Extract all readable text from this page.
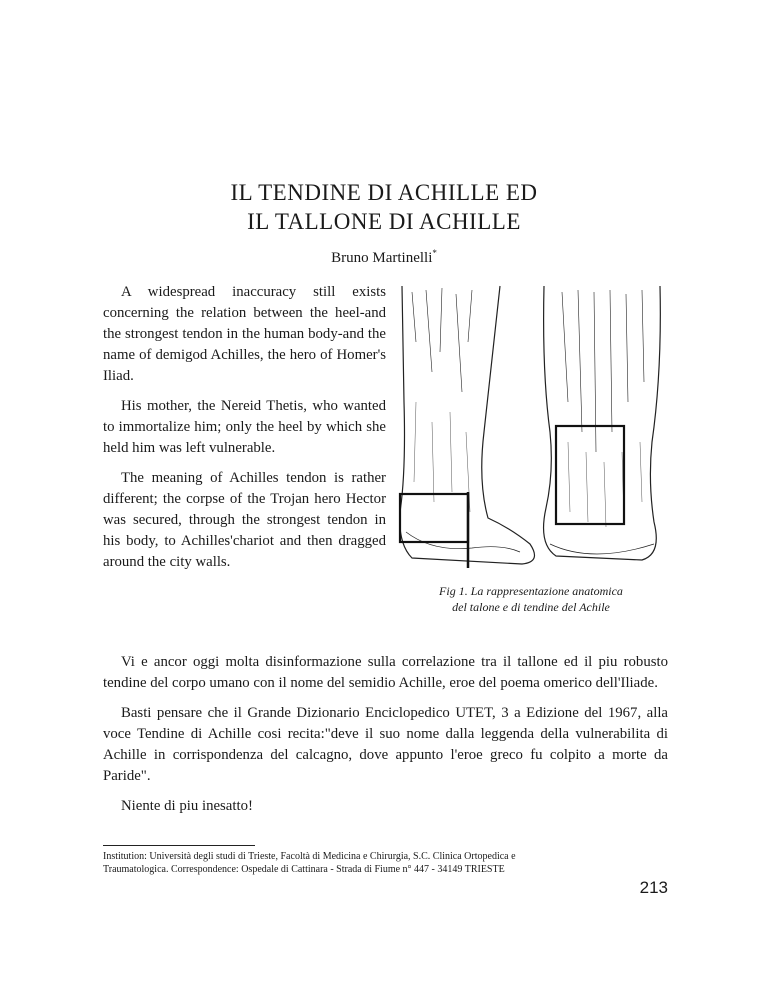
IL TENDINE DI ACHILLE ED
IL TALLONE DI ACHILLE
Bruno Martinelli*

A widespread inaccuracy still exists concerning the relation between the heel-and the strongest tendon in the human body-and the name of demigod Achilles, the hero of Homer's Iliad.

His mother, the Nereid Thetis, who wanted to immortalize him; only the heel by which she held him was left vulnerable.

The meaning of Achilles tendon is rather different; the corpse of the Trojan hero Hector was secured, through the strongest tendon in his body, to Achilles'chariot and then dragged around the city walls.

Fig 1. La rappresentazione anatomica
del talone e di tendine del Achile

Vi e ancor oggi molta disinformazione sulla correlazione tra il tallone ed il piu robusto tendine del corpo umano con il nome del semidio Achille, eroe del poema omerico dell'Iliade.

Basti pensare che il Grande Dizionario Enciclopedico UTET, 3 a Edizione del 1967, alla voce Tendine di Achille cosi recita:"deve il suo nome dalla leggenda della vulnerabilita di Achille in corrispondenza del calcagno, dove appunto l'eroe greco fu colpito a morte da Paride".

Niente di piu inesatto!

Institution: Università degli studi di Trieste, Facoltà di Medicina e Chirurgia, S.C. Clinica Ortopedica e
Traumatologica. Correspondence: Ospedale di Cattinara - Strada di Fiume n° 447 - 34149 TRIESTE
213
